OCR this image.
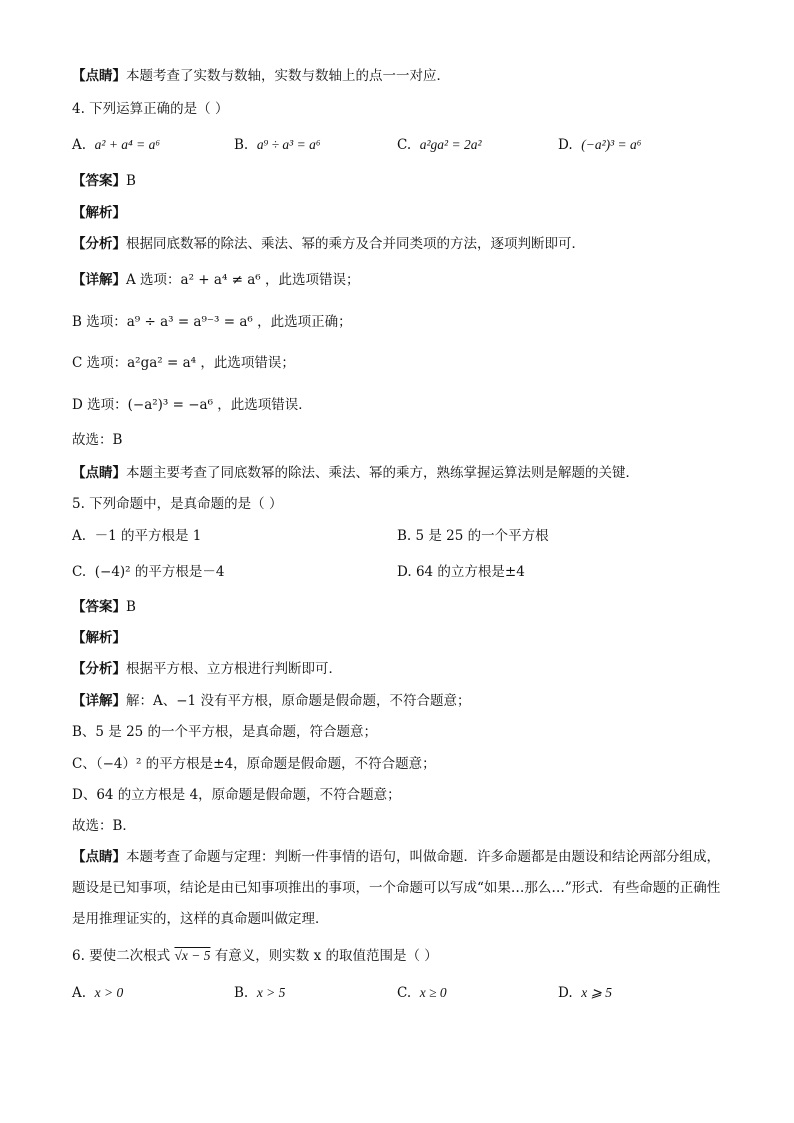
【点睛】本题考查了实数与数轴，实数与数轴上的点一一对应．
4. 下列运算正确的是（ ）
A. a² + a⁴ = a⁶	B. a⁹ ÷ a³ = a⁶	C. a²ga² = 2a²	D. (−a²)³ = a⁶
【答案】B
【解析】
【分析】根据同底数幂的除法、乘法、幂的乘方及合并同类项的方法，逐项判断即可．
【详解】A 选项：a² + a⁴ ≠ a⁶ ，此选项错误；
B 选项：a⁹ ÷ a³ = a⁹⁻³ = a⁶ ，此选项正确；
C 选项：a²ga² = a⁴ ，此选项错误；
D 选项：(−a²)³ = −a⁶ ，此选项错误．
故选：B
【点睛】本题主要考查了同底数幂的除法、乘法、幂的乘方，熟练掌握运算法则是解题的关键．
5. 下列命题中，是真命题的是（ ）
A. －1 的平方根是 1	B. 5 是 25 的一个平方根
C. (−4)² 的平方根是－4	D. 64 的立方根是±4
【答案】B
【解析】
【分析】根据平方根、立方根进行判断即可．
【详解】解：A、−1 没有平方根，原命题是假命题，不符合题意；
B、5 是 25 的一个平方根，是真命题，符合题意；
C、（−4）² 的平方根是±4，原命题是假命题，不符合题意；
D、64 的立方根是 4，原命题是假命题，不符合题意；
故选：B．
【点睛】本题考查了命题与定理：判断一件事情的语句，叫做命题．许多命题都是由题设和结论两部分组成，题设是已知事项，结论是由已知事项推出的事项，一个命题可以写成“如果…那么…”形式．有些命题的正确性是用推理证实的，这样的真命题叫做定理．
6. 要使二次根式 √x − 5 有意义，则实数 x 的取值范围是（ ）
A. x > 0	B. x > 5	C. x ≥ 0	D. x ⩾ 5
